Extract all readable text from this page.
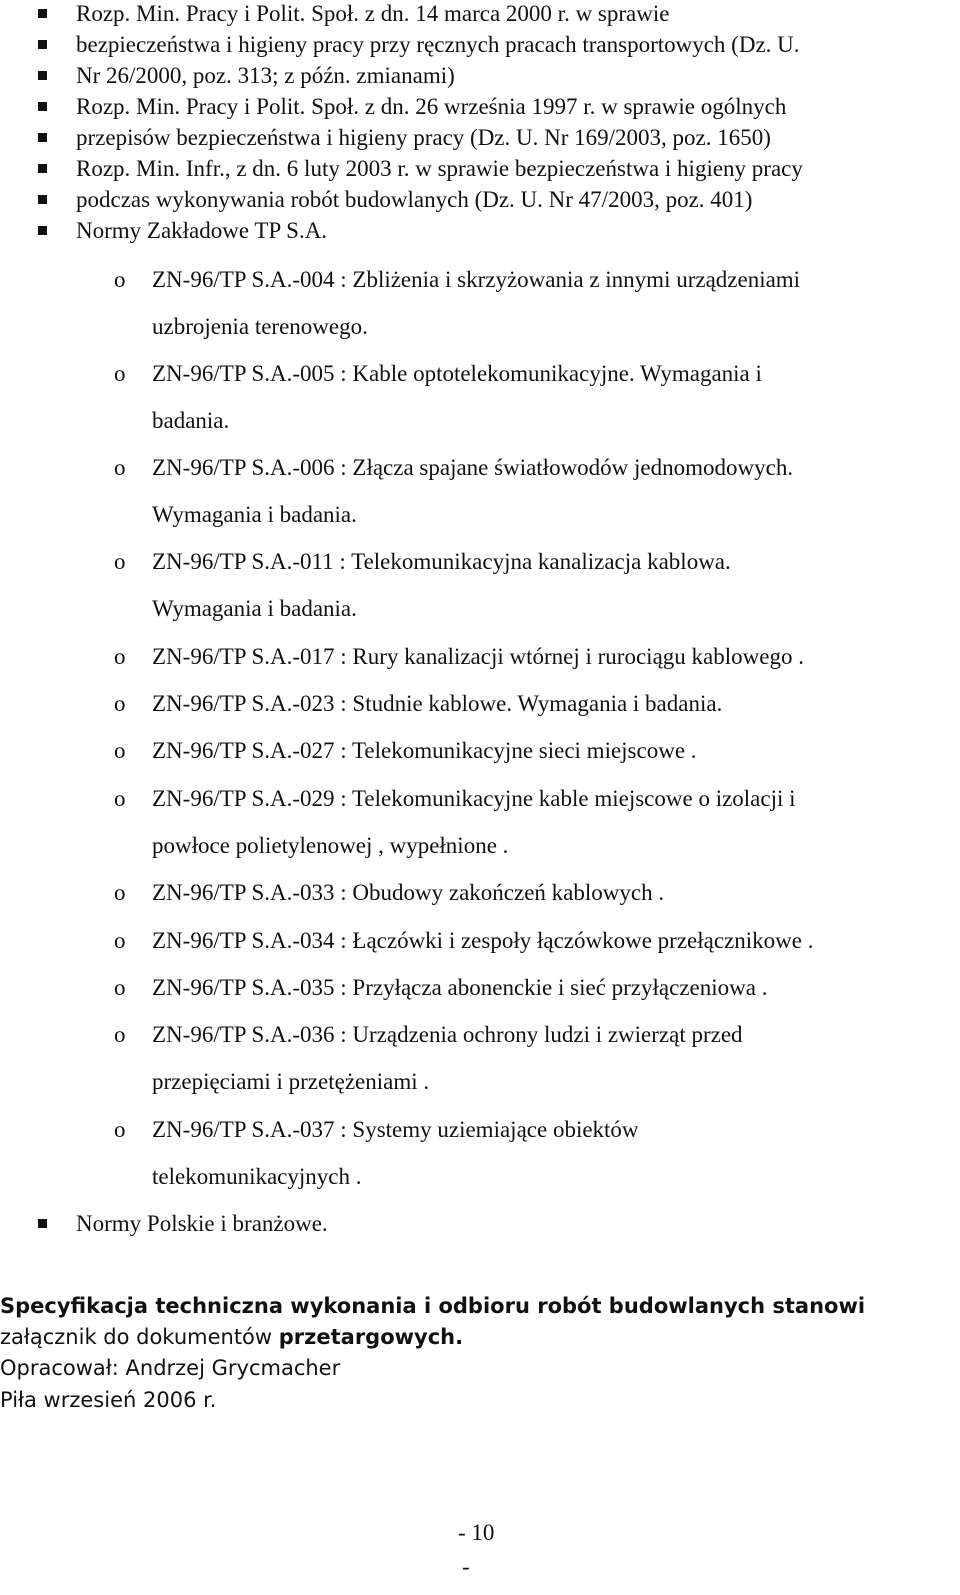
Rozp. Min. Pracy i Polit. Społ. z dn. 14 marca 2000 r. w sprawie
bezpieczeństwa i higieny pracy przy ręcznych pracach transportowych (Dz. U.
Nr 26/2000, poz. 313; z późn. zmianami)
Rozp. Min. Pracy i Polit. Społ. z dn. 26 września 1997 r. w sprawie ogólnych
przepisów bezpieczeństwa i higieny pracy (Dz. U. Nr 169/2003, poz. 1650)
Rozp. Min. Infr., z dn. 6 luty 2003 r. w sprawie bezpieczeństwa i higieny pracy
podczas wykonywania robót budowlanych (Dz. U. Nr 47/2003, poz. 401)
Normy Zakładowe TP S.A.
o ZN-96/TP S.A.-004 : Zbliżenia i skrzyżowania z innymi urządzeniami
uzbrojenia terenowego.
o ZN-96/TP S.A.-005 : Kable optotelekomunikacyjne. Wymagania i
badania.
o ZN-96/TP S.A.-006 : Złącza spajane światłowodów jednomodowych.
Wymagania i badania.
o ZN-96/TP S.A.-011 : Telekomunikacyjna kanalizacja kablowa.
Wymagania i badania.
o ZN-96/TP S.A.-017 : Rury kanalizacji wtórnej i rurociągu kablowego .
o ZN-96/TP S.A.-023 : Studnie kablowe. Wymagania i badania.
o ZN-96/TP S.A.-027 : Telekomunikacyjne sieci miejscowe .
o ZN-96/TP S.A.-029 : Telekomunikacyjne kable miejscowe o izolacji i
powłoce polietylenowej , wypełnione .
o ZN-96/TP S.A.-033 : Obudowy zakończeń kablowych .
o ZN-96/TP S.A.-034 : Łączówki i zespoły łączówkowe przełącznikowe .
o ZN-96/TP S.A.-035 : Przyłącza abonenckie i sieć przyłączeniowa .
o ZN-96/TP S.A.-036 : Urządzenia ochrony ludzi i zwierząt przed
przepięciami i przetężeniami .
o ZN-96/TP S.A.-037 : Systemy uziemiające obiektów
telekomunikacyjnych .
Normy Polskie i branżowe.
Specyfikacja techniczna wykonania i odbioru robót budowlanych stanowi
załącznik do dokumentów przetargowych.
Opracował: Andrzej Grycmacher
Piła wrzesień 2006 r.
- 10
-
